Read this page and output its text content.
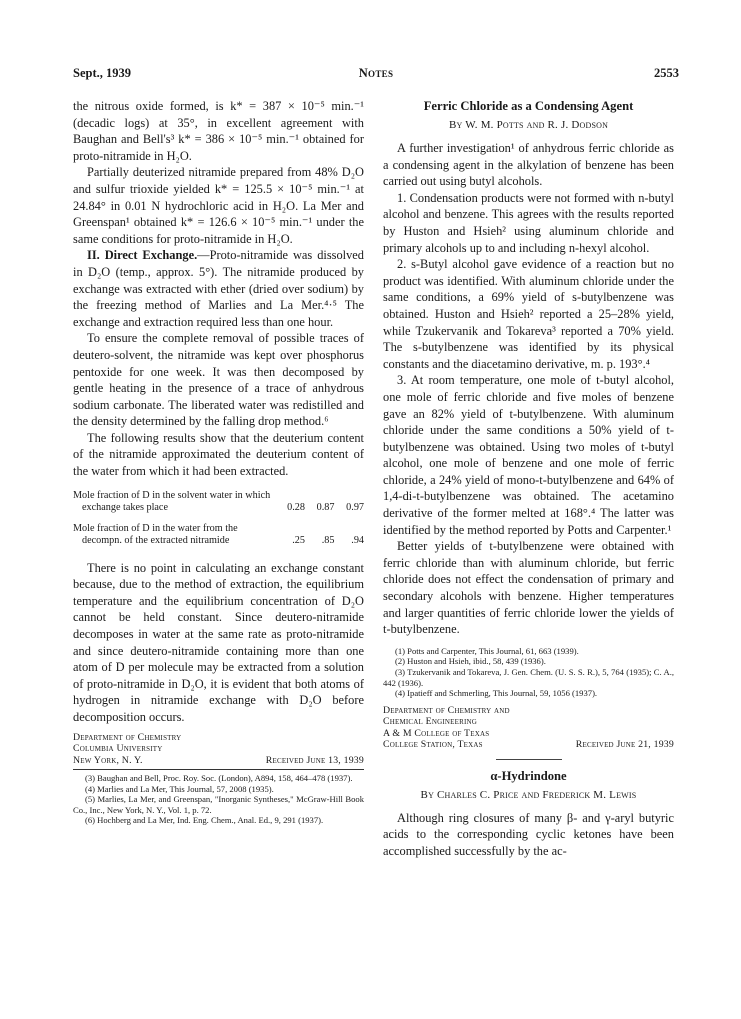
Sept., 1939	Notes	2553

the nitrous oxide formed, is k* = 387 × 10⁻⁵ min.⁻¹ (decadic logs) at 35°, in excellent agreement with Baughan and Bell's³ k* = 386 × 10⁻⁵ min.⁻¹ obtained for proto-nitramide in H₂O.

Partially deuterized nitramide prepared from 48% D₂O and sulfur trioxide yielded k* = 125.5 × 10⁻⁵ min.⁻¹ at 24.84° in 0.01 N hydrochloric acid in H₂O. La Mer and Greenspan¹ obtained k* = 126.6 × 10⁻⁵ min.⁻¹ under the same conditions for proto-nitramide in H₂O.

II. Direct Exchange.—Proto-nitramide was dissolved in D₂O (temp., approx. 5°). The nitramide produced by exchange was extracted with ether (dried over sodium) by the freezing method of Marlies and La Mer.⁴·⁵ The exchange and extraction required less than one hour.

To ensure the complete removal of possible traces of deutero-solvent, the nitramide was kept over phosphorus pentoxide for one week. It was then decomposed by gentle heating in the presence of a trace of anhydrous sodium carbonate. The liberated water was redistilled and the density determined by the falling drop method.⁶

The following results show that the deuterium content of the nitramide approximated the deuterium content of the water from which it had been extracted.

Mole fraction of D in the solvent water in which exchange takes place	0.28	0.87	0.97
Mole fraction of D in the water from the decompn. of the extracted nitramide	.25	.85	.94

There is no point in calculating an exchange constant because, due to the method of extraction, the equilibrium temperature and the equilibrium concentration of D₂O cannot be held constant. Since deutero-nitramide decomposes in water at the same rate as proto-nitramide and since deutero-nitramide containing more than one atom of D per molecule may be extracted from a solution of proto-nitramide in D₂O, it is evident that both atoms of hydrogen in nitramide exchange with D₂O before decomposition occurs.

Department of Chemistry
Columbia University
New York, N. Y.	Received June 13, 1939

(3) Baughan and Bell, Proc. Roy. Soc. (London), A894, 158, 464–478 (1937).

(4) Marlies and La Mer, This Journal, 57, 2008 (1935).

(5) Marlies, La Mer, and Greenspan, "Inorganic Syntheses," McGraw-Hill Book Co., Inc., New York, N. Y., Vol. 1, p. 72.

(6) Hochberg and La Mer, Ind. Eng. Chem., Anal. Ed., 9, 291 (1937).

Ferric Chloride as a Condensing Agent
By W. M. Potts and R. J. Dodson

A further investigation¹ of anhydrous ferric chloride as a condensing agent in the alkylation of benzene has been carried out using butyl alcohols.

1. Condensation products were not formed with n-butyl alcohol and benzene. This agrees with the results reported by Huston and Hsieh² using aluminum chloride and primary alcohols up to and including n-hexyl alcohol.

2. s-Butyl alcohol gave evidence of a reaction but no product was identified. With aluminum chloride under the same conditions, a 69% yield of s-butylbenzene was obtained. Huston and Hsieh² reported a 25–28% yield, while Tzukervanik and Tokareva³ reported a 70% yield. The s-butylbenzene was identified by its physical constants and the diacetamino derivative, m. p. 193°.⁴

3. At room temperature, one mole of t-butyl alcohol, one mole of ferric chloride and five moles of benzene gave an 82% yield of t-butylbenzene. With aluminum chloride under the same conditions a 50% yield of t-butylbenzene was obtained. Using two moles of t-butyl alcohol, one mole of benzene and one mole of ferric chloride, a 24% yield of mono-t-butylbenzene and 64% of 1,4-di-t-butylbenzene was obtained. The acetamino derivative of the former melted at 168°.⁴ The latter was identified by the method reported by Potts and Carpenter.¹

Better yields of t-butylbenzene were obtained with ferric chloride than with aluminum chloride, but ferric chloride does not effect the condensation of primary and secondary alcohols with benzene. Higher temperatures and larger quantities of ferric chloride lower the yields of t-butylbenzene.

(1) Potts and Carpenter, This Journal, 61, 663 (1939).

(2) Huston and Hsieh, ibid., 58, 439 (1936).

(3) Tzukervanik and Tokareva, J. Gen. Chem. (U. S. S. R.), 5, 764 (1935); C. A., 442 (1936).

(4) Ipatieff and Schmerling, This Journal, 59, 1056 (1937).

Department of Chemistry and
Chemical Engineering
A & M College of Texas
College Station, Texas	Received June 21, 1939
α-Hydrindone
By Charles C. Price and Frederick M. Lewis

Although ring closures of many β- and γ-aryl butyric acids to the corresponding cyclic ketones have been accomplished successfully by the ac-
